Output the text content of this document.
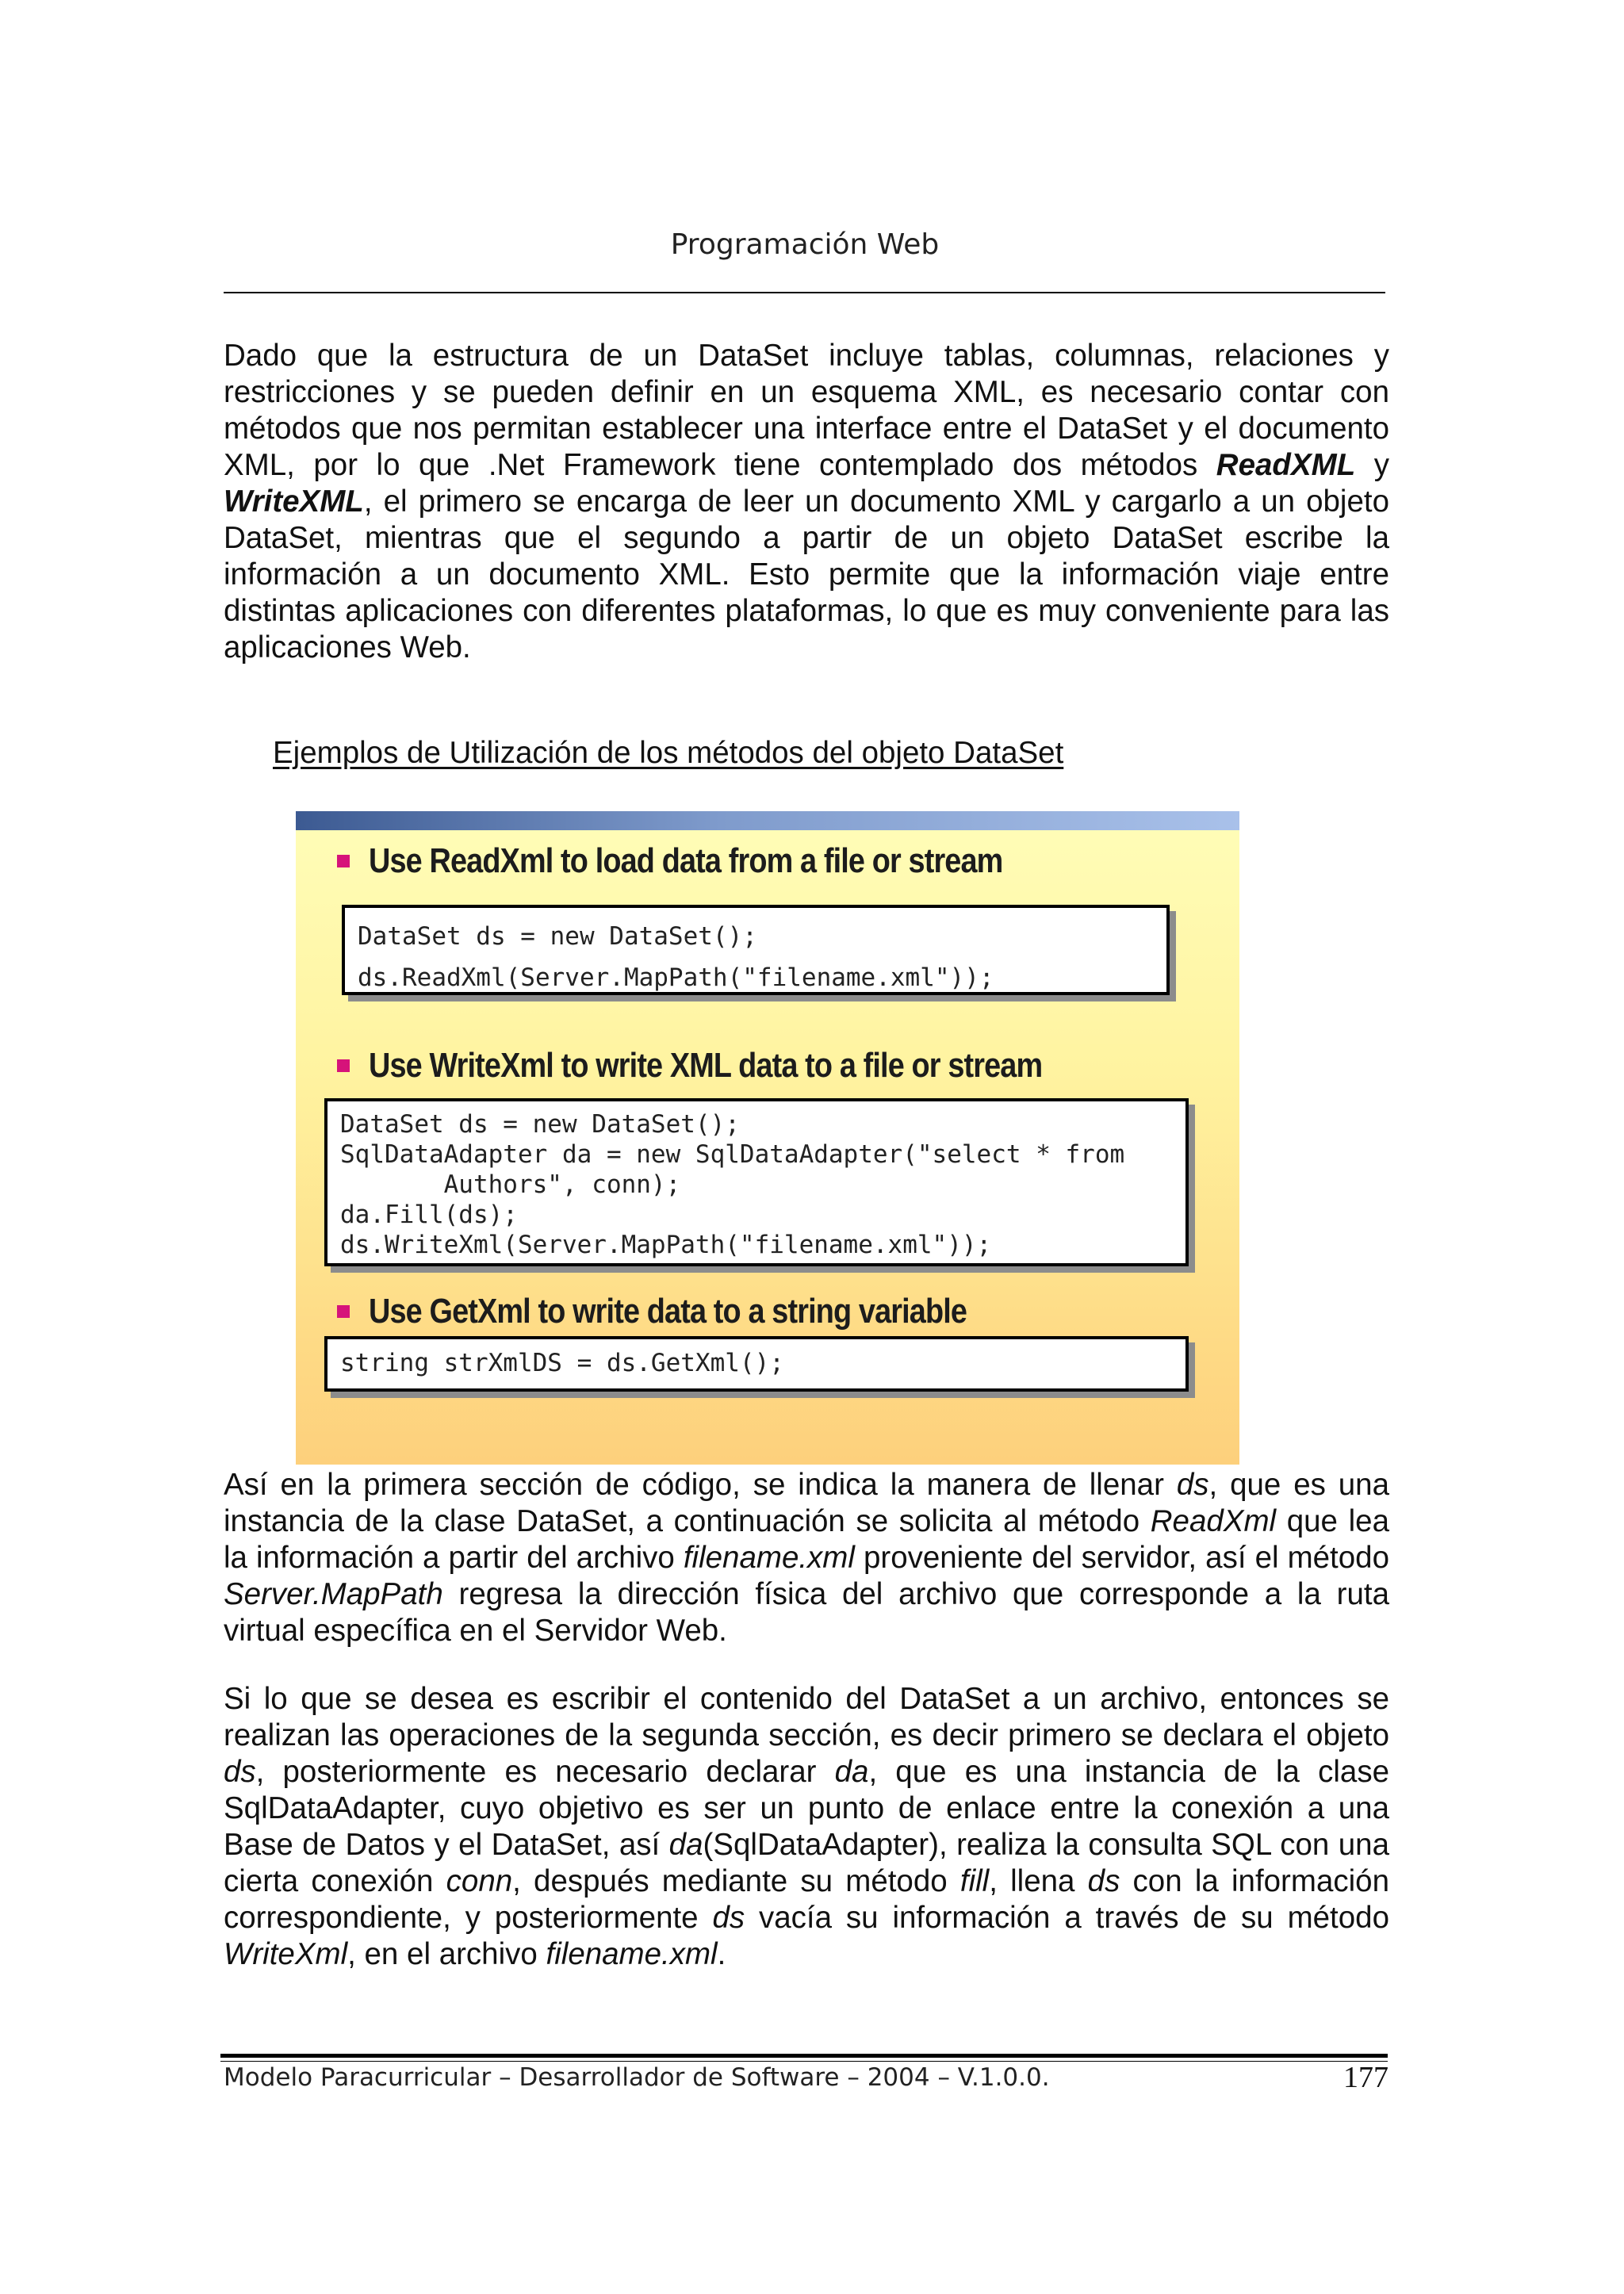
Programación Web

Dado que la estructura de un DataSet incluye tablas, columnas, relaciones y restricciones y se pueden definir en un esquema XML, es necesario contar con métodos que nos permitan establecer una interface entre el DataSet y el documento XML, por lo que .Net Framework tiene contemplado dos métodos ReadXML y WriteXML, el primero se encarga de leer un documento XML y cargarlo a un objeto DataSet, mientras que el segundo a partir de un objeto DataSet escribe la información a un documento XML. Esto permite que la información viaje entre distintas aplicaciones con diferentes plataformas, lo que es muy conveniente para las aplicaciones Web.

Ejemplos de Utilización de los métodos del objeto DataSet
Use ReadXml to load data from a file or stream
DataSet ds = new DataSet();
ds.ReadXml(Server.MapPath("filename.xml"));
Use WriteXml to write XML data to a file or stream
DataSet ds = new DataSet();
SqlDataAdapter da = new SqlDataAdapter("select * from
Authors", conn);
da.Fill(ds);
ds.WriteXml(Server.MapPath("filename.xml"));
Use GetXml to write data to a string variable
string strXmlDS = ds.GetXml();

Así en la primera sección de código, se indica la manera de llenar ds, que es una instancia de la clase DataSet, a continuación se solicita al método ReadXml que lea la información a partir del archivo filename.xml proveniente del servidor, así el método Server.MapPath regresa la dirección física del archivo que corresponde a la ruta virtual específica en el Servidor Web.

Si lo que se desea es escribir el contenido del DataSet a un archivo, entonces se realizan las operaciones de la segunda sección, es decir primero se declara el objeto ds, posteriormente es necesario declarar da, que es una instancia de la clase SqlDataAdapter, cuyo objetivo es ser un punto de enlace entre la conexión a una Base de Datos y el DataSet, así da(SqlDataAdapter), realiza la consulta SQL con una cierta conexión conn, después mediante su método fill, llena ds con la información correspondiente, y posteriormente ds vacía su información a través de su método WriteXml, en el archivo filename.xml.

Modelo Paracurricular – Desarrollador de Software – 2004 – V.1.0.0.	177
